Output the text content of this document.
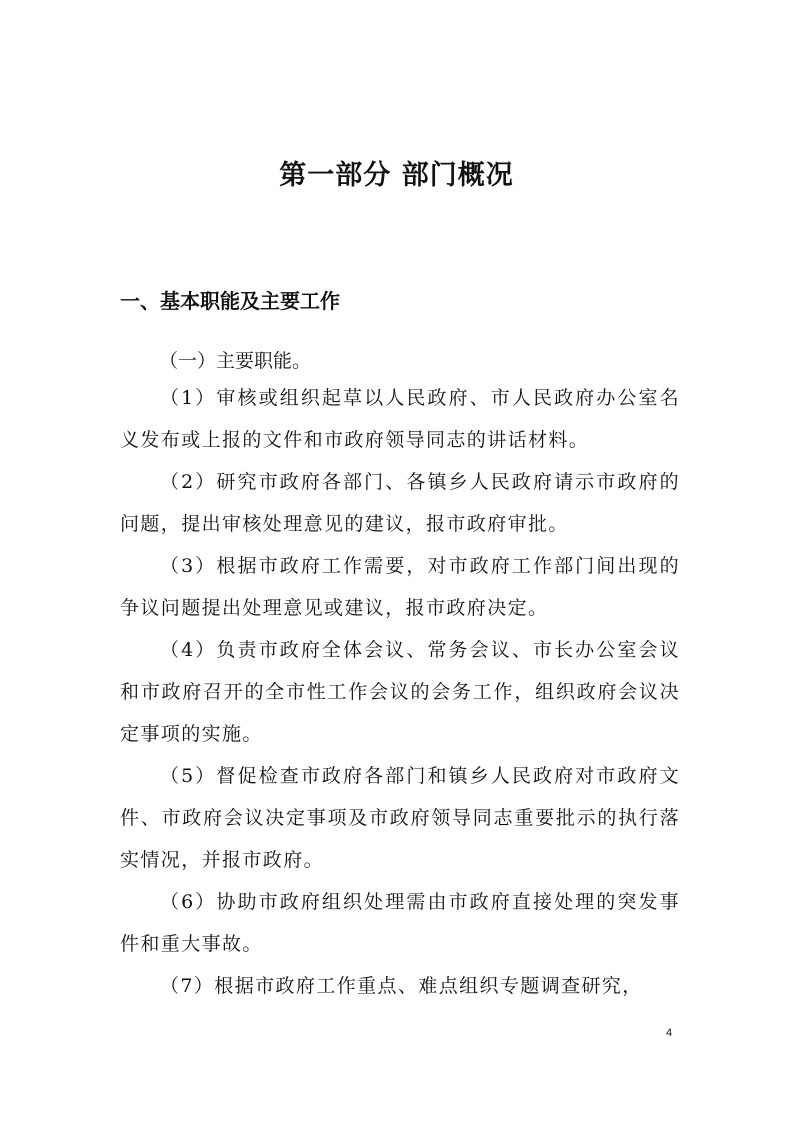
第一部分 部门概况
一、基本职能及主要工作

（一）主要职能。

（1）审核或组织起草以人民政府、市人民政府办公室名义发布或上报的文件和市政府领导同志的讲话材料。

（2）研究市政府各部门、各镇乡人民政府请示市政府的问题，提出审核处理意见的建议，报市政府审批。

（3）根据市政府工作需要，对市政府工作部门间出现的争议问题提出处理意见或建议，报市政府决定。

（4）负责市政府全体会议、常务会议、市长办公室会议和市政府召开的全市性工作会议的会务工作，组织政府会议决定事项的实施。

（5）督促检查市政府各部门和镇乡人民政府对市政府文件、市政府会议决定事项及市政府领导同志重要批示的执行落实情况，并报市政府。

（6）协助市政府组织处理需由市政府直接处理的突发事件和重大事故。

（7）根据市政府工作重点、难点组织专题调查研究，

4
